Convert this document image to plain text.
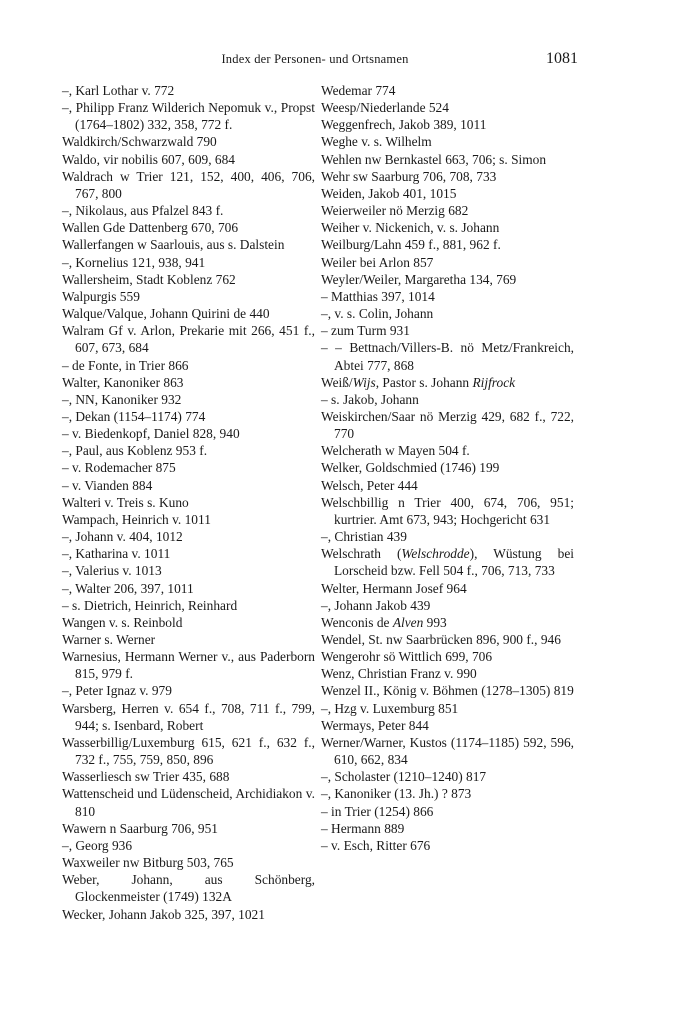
Index der Personen- und Ortsnamen	1081
–, Karl Lothar v. 772
–, Philipp Franz Wilderich Nepomuk v., Propst (1764–1802) 332, 358, 772 f.
Waldkirch/Schwarzwald 790
Waldo, vir nobilis 607, 609, 684
Waldrach w Trier 121, 152, 400, 406, 706, 767, 800
–, Nikolaus, aus Pfalzel 843 f.
Wallen Gde Dattenberg 670, 706
Wallerfangen w Saarlouis, aus s. Dalstein
–, Kornelius 121, 938, 941
Wallersheim, Stadt Koblenz 762
Walpurgis 559
Walque/Valque, Johann Quirini de 440
Walram Gf v. Arlon, Prekarie mit 266, 451 f., 607, 673, 684
– de Fonte, in Trier 866
Walter, Kanoniker 863
–, NN, Kanoniker 932
–, Dekan (1154–1174) 774
– v. Biedenkopf, Daniel 828, 940
–, Paul, aus Koblenz 953 f.
– v. Rodemacher 875
– v. Vianden 884
Walteri v. Treis s. Kuno
Wampach, Heinrich v. 1011
–, Johann v. 404, 1012
–, Katharina v. 1011
–, Valerius v. 1013
–, Walter 206, 397, 1011
– s. Dietrich, Heinrich, Reinhard
Wangen v. s. Reinbold
Warner s. Werner
Warnesius, Hermann Werner v., aus Paderborn 815, 979 f.
–, Peter Ignaz v. 979
Warsberg, Herren v. 654 f., 708, 711 f., 799, 944; s. Isenbard, Robert
Wasserbillig/Luxemburg 615, 621 f., 632 f., 732 f., 755, 759, 850, 896
Wasserliesch sw Trier 435, 688
Wattenscheid und Lüdenscheid, Archidiakon v. 810
Wawern n Saarburg 706, 951
–, Georg 936
Waxweiler nw Bitburg 503, 765
Weber, Johann, aus Schönberg, Glockenmeister (1749) 132A
Wecker, Johann Jakob 325, 397, 1021
Wedemar 774
Weesp/Niederlande 524
Weggenfrech, Jakob 389, 1011
Weghe v. s. Wilhelm
Wehlen nw Bernkastel 663, 706; s. Simon
Wehr sw Saarburg 706, 708, 733
Weiden, Jakob 401, 1015
Weierweiler nö Merzig 682
Weiher v. Nickenich, v. s. Johann
Weilburg/Lahn 459 f., 881, 962 f.
Weiler bei Arlon 857
Weyler/Weiler, Margaretha 134, 769
– Matthias 397, 1014
–, v. s. Colin, Johann
– zum Turm 931
– – Bettnach/Villers-B. nö Metz/Frankreich, Abtei 777, 868
Weiß/Wijs, Pastor s. Johann Rijfrock
– s. Jakob, Johann
Weiskirchen/Saar nö Merzig 429, 682 f., 722, 770
Welcherath w Mayen 504 f.
Welker, Goldschmied (1746) 199
Welsch, Peter 444
Welschbillig n Trier 400, 674, 706, 951; kurtrier. Amt 673, 943; Hochgericht 631
–, Christian 439
Welschrath (Welschrodde), Wüstung bei Lorscheid bzw. Fell 504 f., 706, 713, 733
Welter, Hermann Josef 964
–, Johann Jakob 439
Wenconis de Alven 993
Wendel, St. nw Saarbrücken 896, 900 f., 946
Wengerohr sö Wittlich 699, 706
Wenz, Christian Franz v. 990
Wenzel II., König v. Böhmen (1278–1305) 819
–, Hzg v. Luxemburg 851
Wermays, Peter 844
Werner/Warner, Kustos (1174–1185) 592, 596, 610, 662, 834
–, Scholaster (1210–1240) 817
–, Kanoniker (13. Jh.) ? 873
– in Trier (1254) 866
– Hermann 889
– v. Esch, Ritter 676
